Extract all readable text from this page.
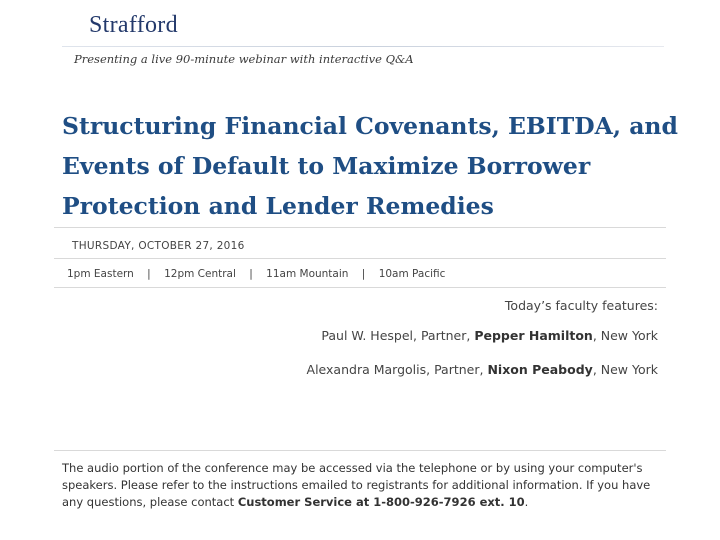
Strafford
Presenting a live 90-minute webinar with interactive Q&A
Structuring Financial Covenants, EBITDA, and Events of Default to Maximize Borrower Protection and Lender Remedies
THURSDAY, OCTOBER 27, 2016
1pm Eastern    |    12pm Central    |    11am Mountain    |    10am Pacific
Today’s faculty features:
Paul W. Hespel, Partner, Pepper Hamilton, New York
Alexandra Margolis, Partner, Nixon Peabody, New York

The audio portion of the conference may be accessed via the telephone or by using your computer's speakers. Please refer to the instructions emailed to registrants for additional information. If you have any questions, please contact Customer Service at 1-800-926-7926 ext. 10.
